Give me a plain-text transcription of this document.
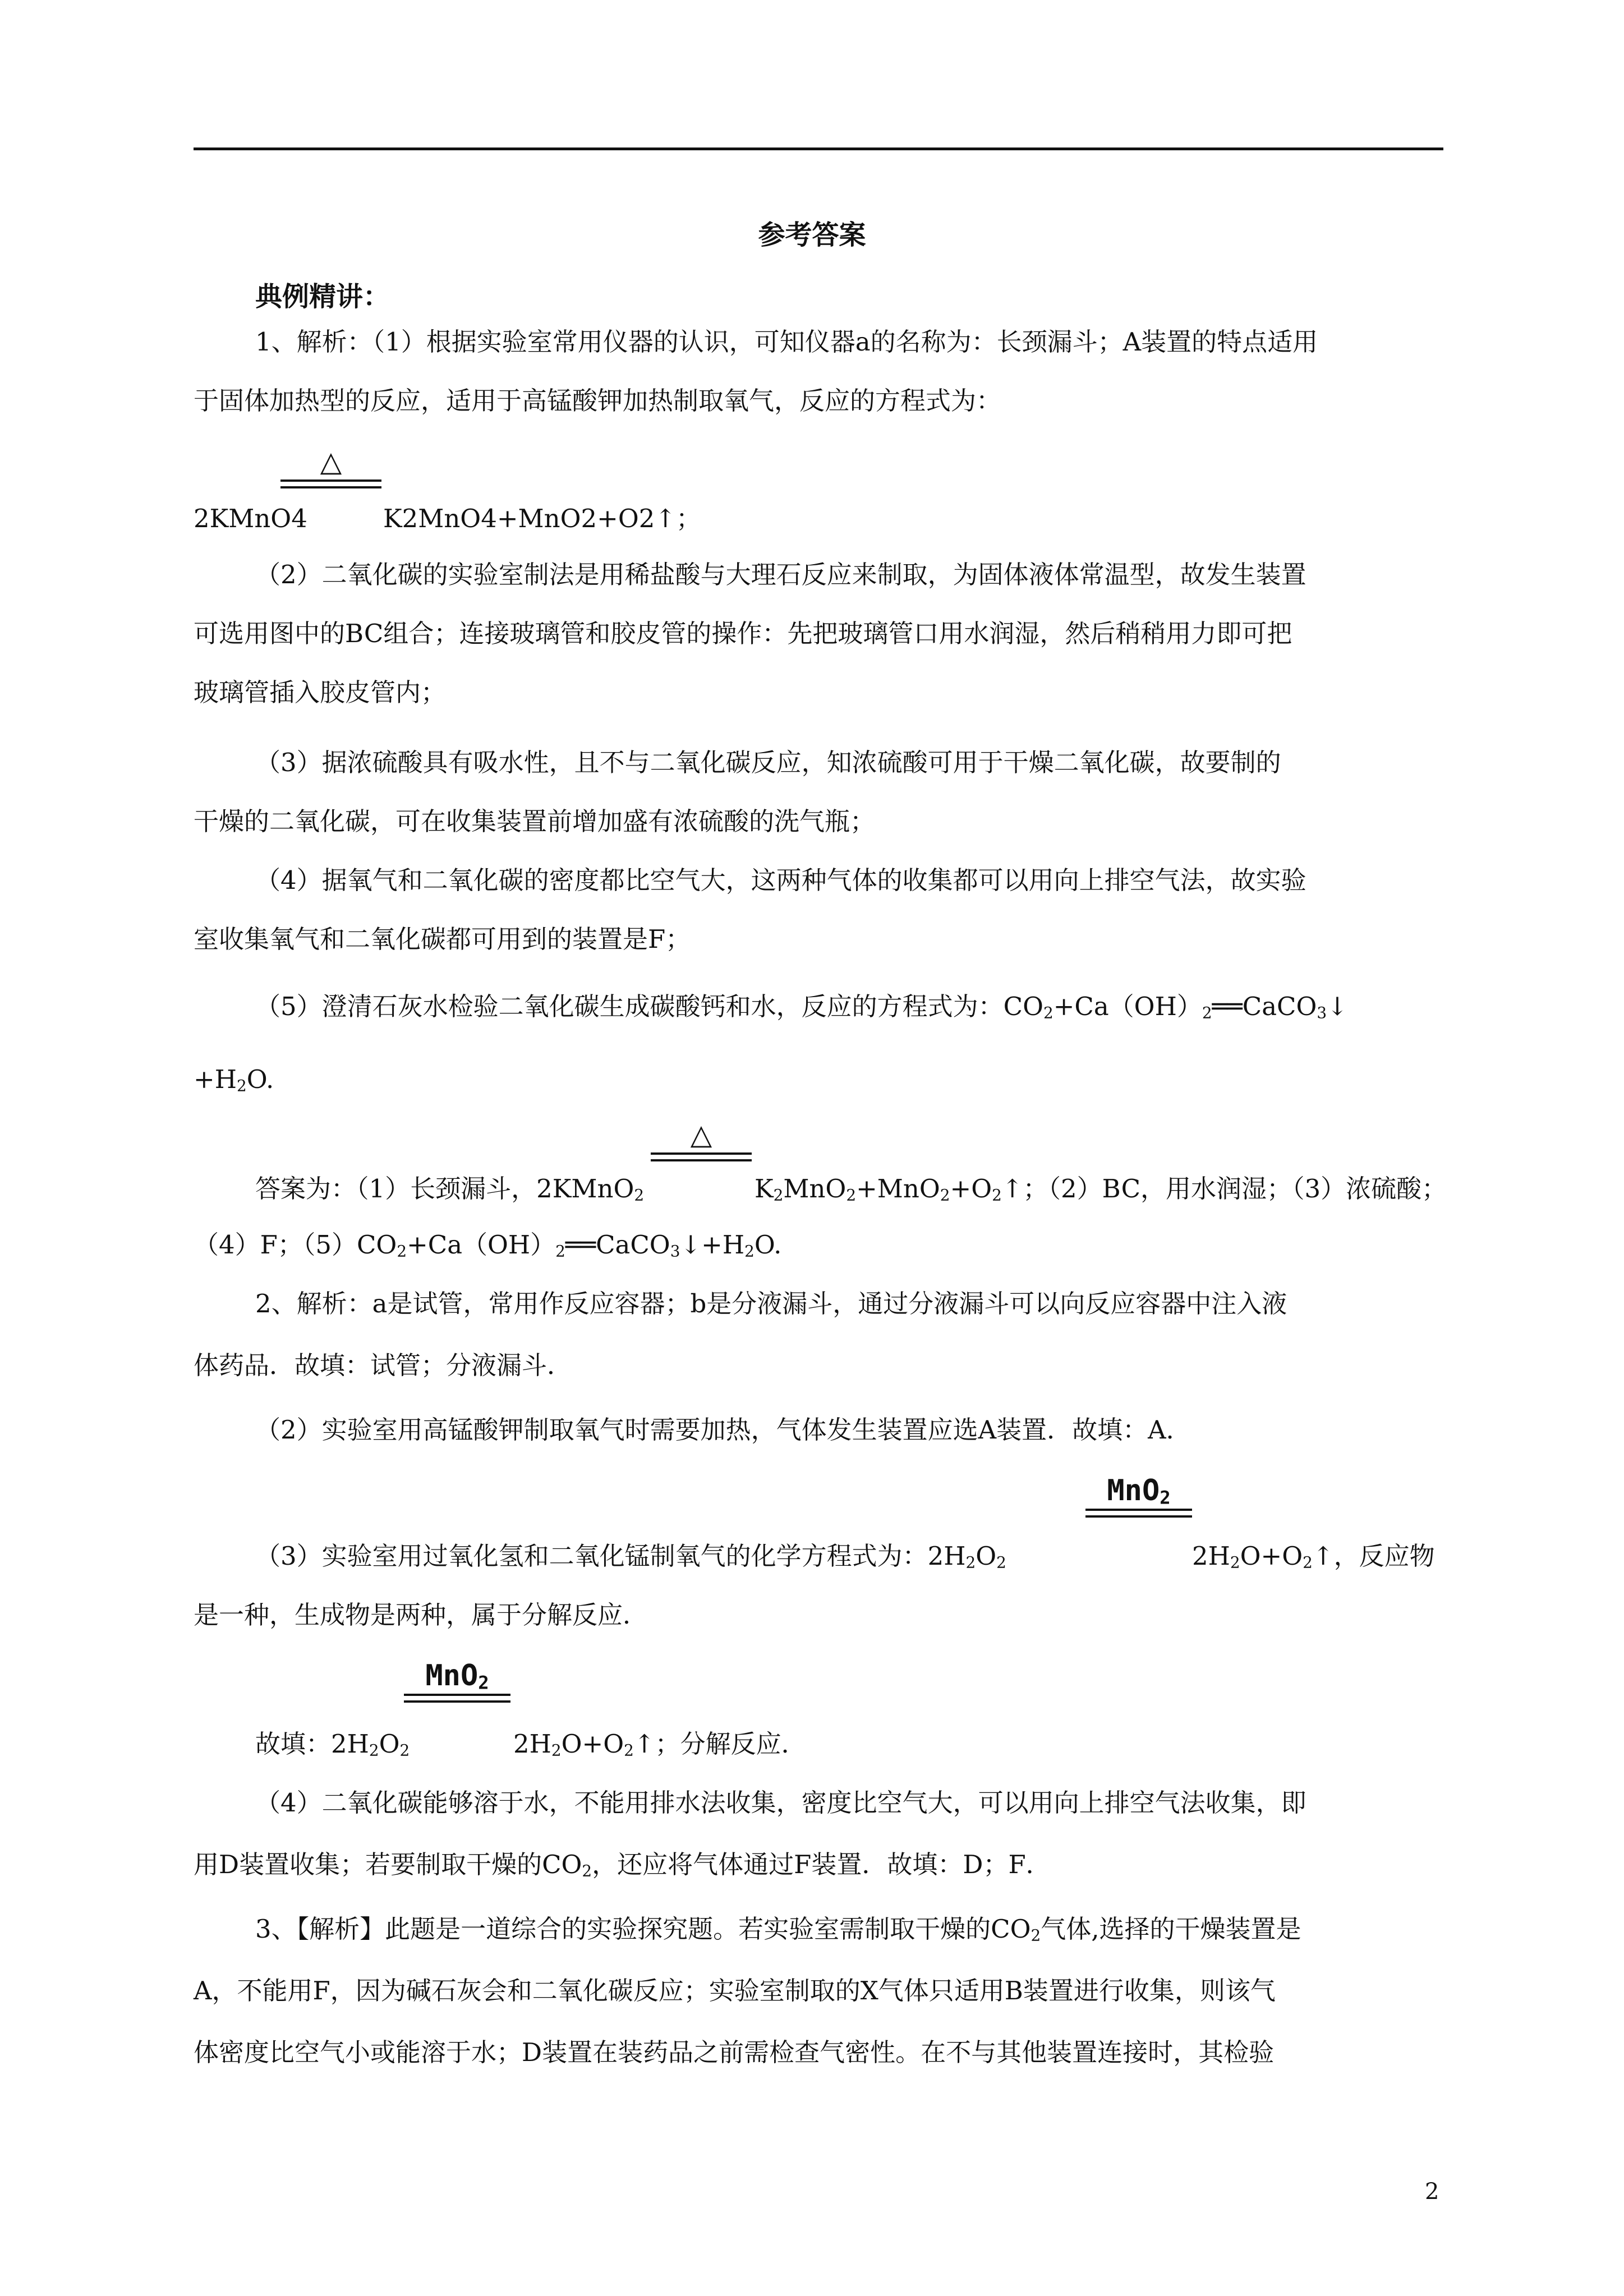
参考答案
典例精讲：
1、解析：（1）根据实验室常用仪器的认识，可知仪器a的名称为：长颈漏斗；A装置的特点适用
于固体加热型的反应，适用于高锰酸钾加热制取氧气，反应的方程式为：
△
2KMnO4	K2MnO4+MnO2+O2↑；
（2）二氧化碳的实验室制法是用稀盐酸与大理石反应来制取，为固体液体常温型，故发生装置
可选用图中的BC组合；连接玻璃管和胶皮管的操作：先把玻璃管口用水润湿，然后稍稍用力即可把
玻璃管插入胶皮管内；
（3）据浓硫酸具有吸水性，且不与二氧化碳反应，知浓硫酸可用于干燥二氧化碳，故要制的
干燥的二氧化碳，可在收集装置前增加盛有浓硫酸的洗气瓶；
（4）据氧气和二氧化碳的密度都比空气大，这两种气体的收集都可以用向上排空气法，故实验
室收集氧气和二氧化碳都可用到的装置是F；
（5）澄清石灰水检验二氧化碳生成碳酸钙和水，反应的方程式为：$CO_2+Ca(OH)_2══CaCO_3↓$
$+H_2O$.
△
答案为：（1）长颈漏斗，2KMnO$_2$	$K_2MnO_2+MnO_2+O_2↑$；（2）BC，用水润湿；（3）浓硫酸；
（4）F；$(5)CO_2+Ca(OH)_2══CaCO_3↓+H_2O$.
2、解析：a是试管，常用作反应容器；b是分液漏斗，通过分液漏斗可以向反应容器中注入液
体药品．故填：试管；分液漏斗．
（2）实验室用高锰酸钾制取氧气时需要加热，气体发生装置应选A装置．故填：A．
MnO$_2$
（3）实验室用过氧化氢和二氧化锰制氧气的化学方程式为：$2H_2O_2$	$2H_2O+O_2↑$，反应物
是一种，生成物是两种，属于分解反应．
MnO$_2$
故填：$2H_2O_2$	$2H_2O+O_2↑$；分解反应．
（4）二氧化碳能够溶于水，不能用排水法收集，密度比空气大，可以用向上排空气法收集，即
用D装置收集；若要制取干燥的$CO_2$，还应将气体通过F装置．故填：D；F．
3、【解析】此题是一道综合的实验探究题。若实验室需制取干燥的$CO_2$气体,选择的干燥装置是
A，不能用F，因为碱石灰会和二氧化碳反应；实验室制取的X气体只适用B装置进行收集，则该气
体密度比空气小或能溶于水；D装置在装药品之前需检查气密性。在不与其他装置连接时，其检验
2
